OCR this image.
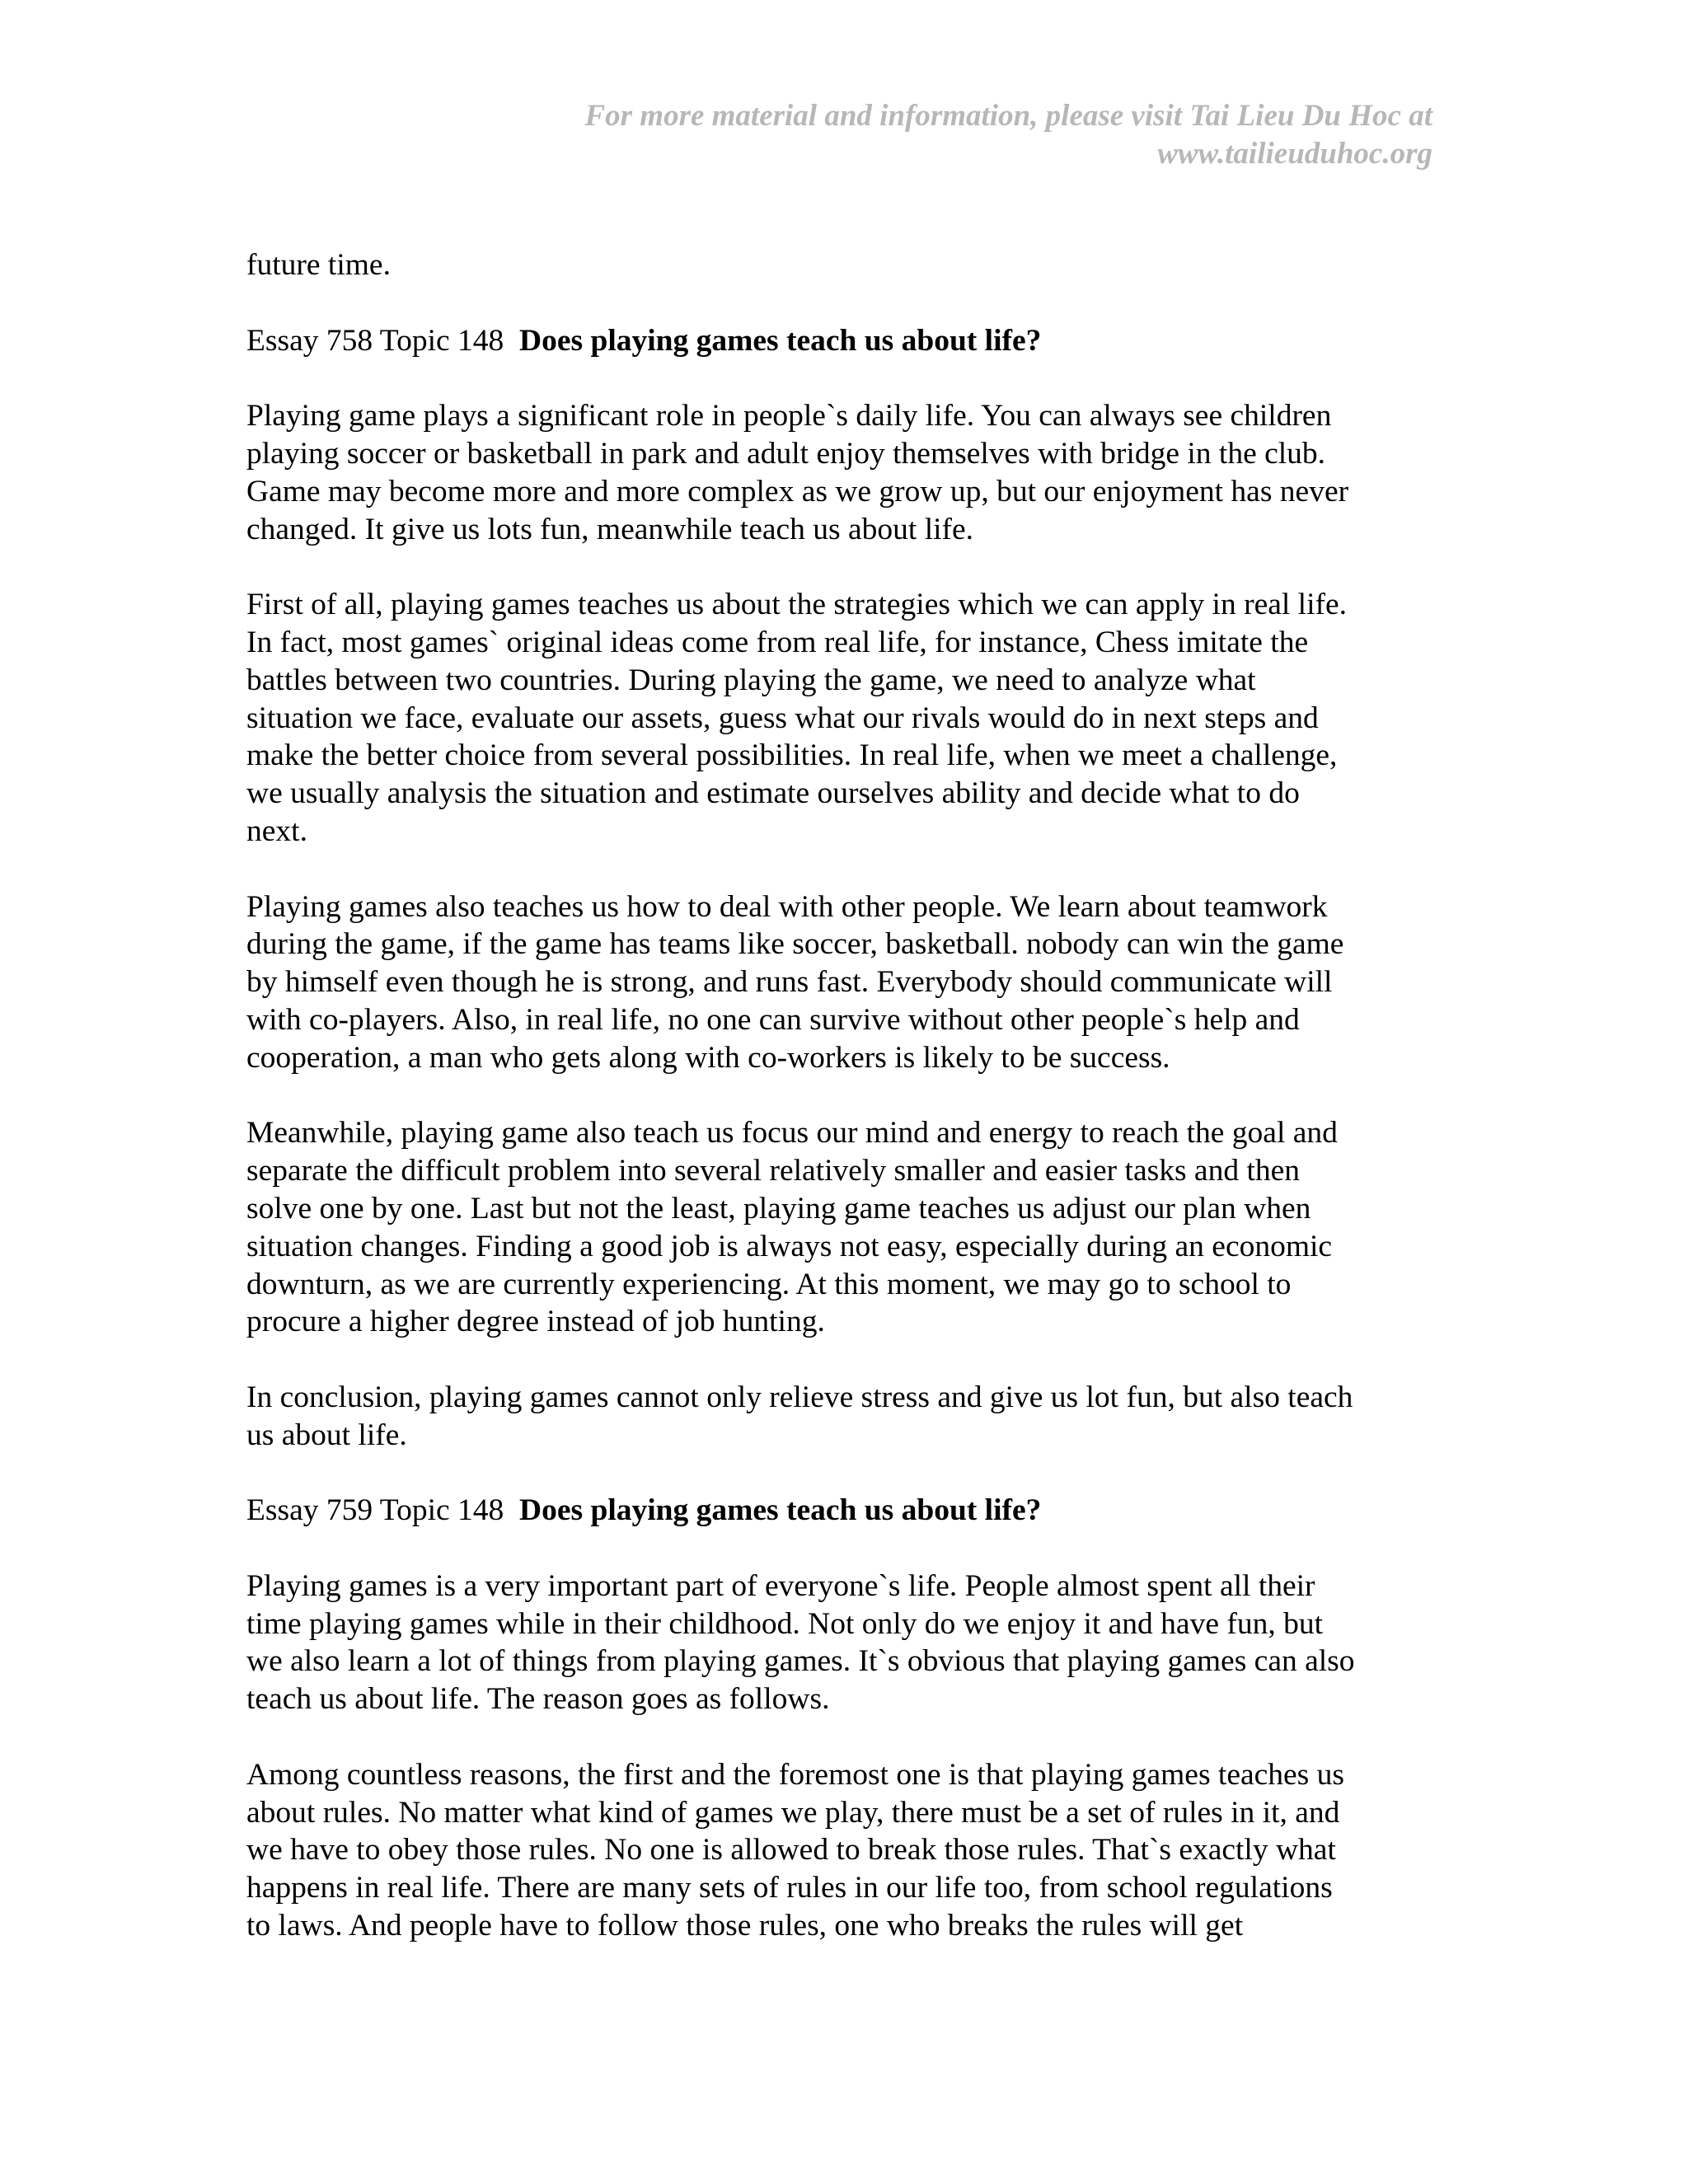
For more material and information, please visit Tai Lieu Du Hoc at
www.tailieuduhoc.org

future time.

Essay 758 Topic 148 Does playing games teach us about life?

Playing game plays a significant role in people`s daily life. You can always see children
playing soccer or basketball in park and adult enjoy themselves with bridge in the club.
Game may become more and more complex as we grow up, but our enjoyment has never
changed. It give us lots fun, meanwhile teach us about life.

First of all, playing games teaches us about the strategies which we can apply in real life.
In fact, most games` original ideas come from real life, for instance, Chess imitate the
battles between two countries. During playing the game, we need to analyze what
situation we face, evaluate our assets, guess what our rivals would do in next steps and
make the better choice from several possibilities. In real life, when we meet a challenge,
we usually analysis the situation and estimate ourselves ability and decide what to do
next.

Playing games also teaches us how to deal with other people. We learn about teamwork
during the game, if the game has teams like soccer, basketball. nobody can win the game
by himself even though he is strong, and runs fast. Everybody should communicate will
with co-players. Also, in real life, no one can survive without other people`s help and
cooperation, a man who gets along with co-workers is likely to be success.

Meanwhile, playing game also teach us focus our mind and energy to reach the goal and
separate the difficult problem into several relatively smaller and easier tasks and then
solve one by one. Last but not the least, playing game teaches us adjust our plan when
situation changes. Finding a good job is always not easy, especially during an economic
downturn, as we are currently experiencing. At this moment, we may go to school to
procure a higher degree instead of job hunting.

In conclusion, playing games cannot only relieve stress and give us lot fun, but also teach
us about life.

Essay 759 Topic 148 Does playing games teach us about life?

Playing games is a very important part of everyone`s life. People almost spent all their
time playing games while in their childhood. Not only do we enjoy it and have fun, but
we also learn a lot of things from playing games. It`s obvious that playing games can also
teach us about life. The reason goes as follows.

Among countless reasons, the first and the foremost one is that playing games teaches us
about rules. No matter what kind of games we play, there must be a set of rules in it, and
we have to obey those rules. No one is allowed to break those rules. That`s exactly what
happens in real life. There are many sets of rules in our life too, from school regulations
to laws. And people have to follow those rules, one who breaks the rules will get
